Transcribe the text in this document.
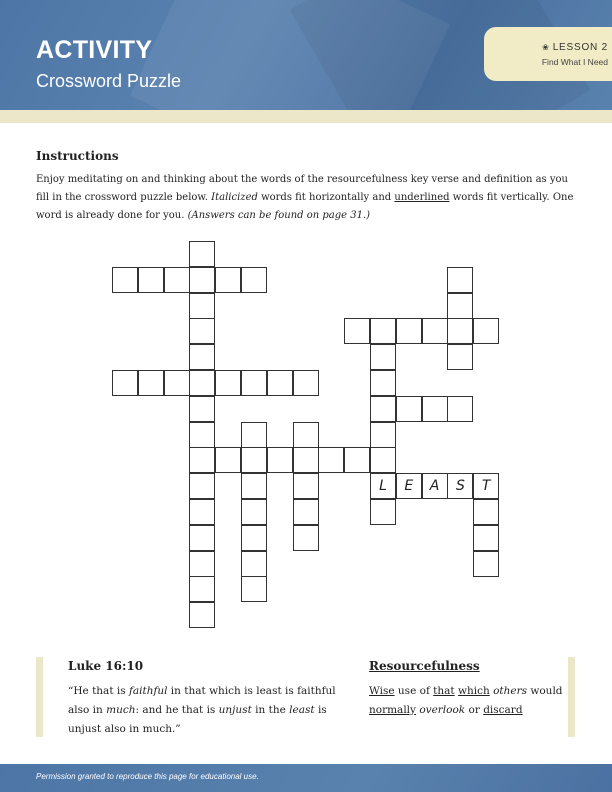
ACTIVITY
Crossword Puzzle
❀ LESSON 2
Find What I Need
Instructions
Enjoy meditating on and thinking about the words of the resourcefulness key verse and definition as you fill in the crossword puzzle below. Italicized words fit horizontally and underlined words fit vertically. One word is already done for you. (Answers can be found on page 31.)
L	E	A	S	T
Luke 16:10
“He that is faithful in that which is least is faithful also in much: and he that is unjust in the least is unjust also in much.”
Resourcefulness
Wise use of that which others would normally overlook or discard
Permission granted to reproduce this page for educational use.
